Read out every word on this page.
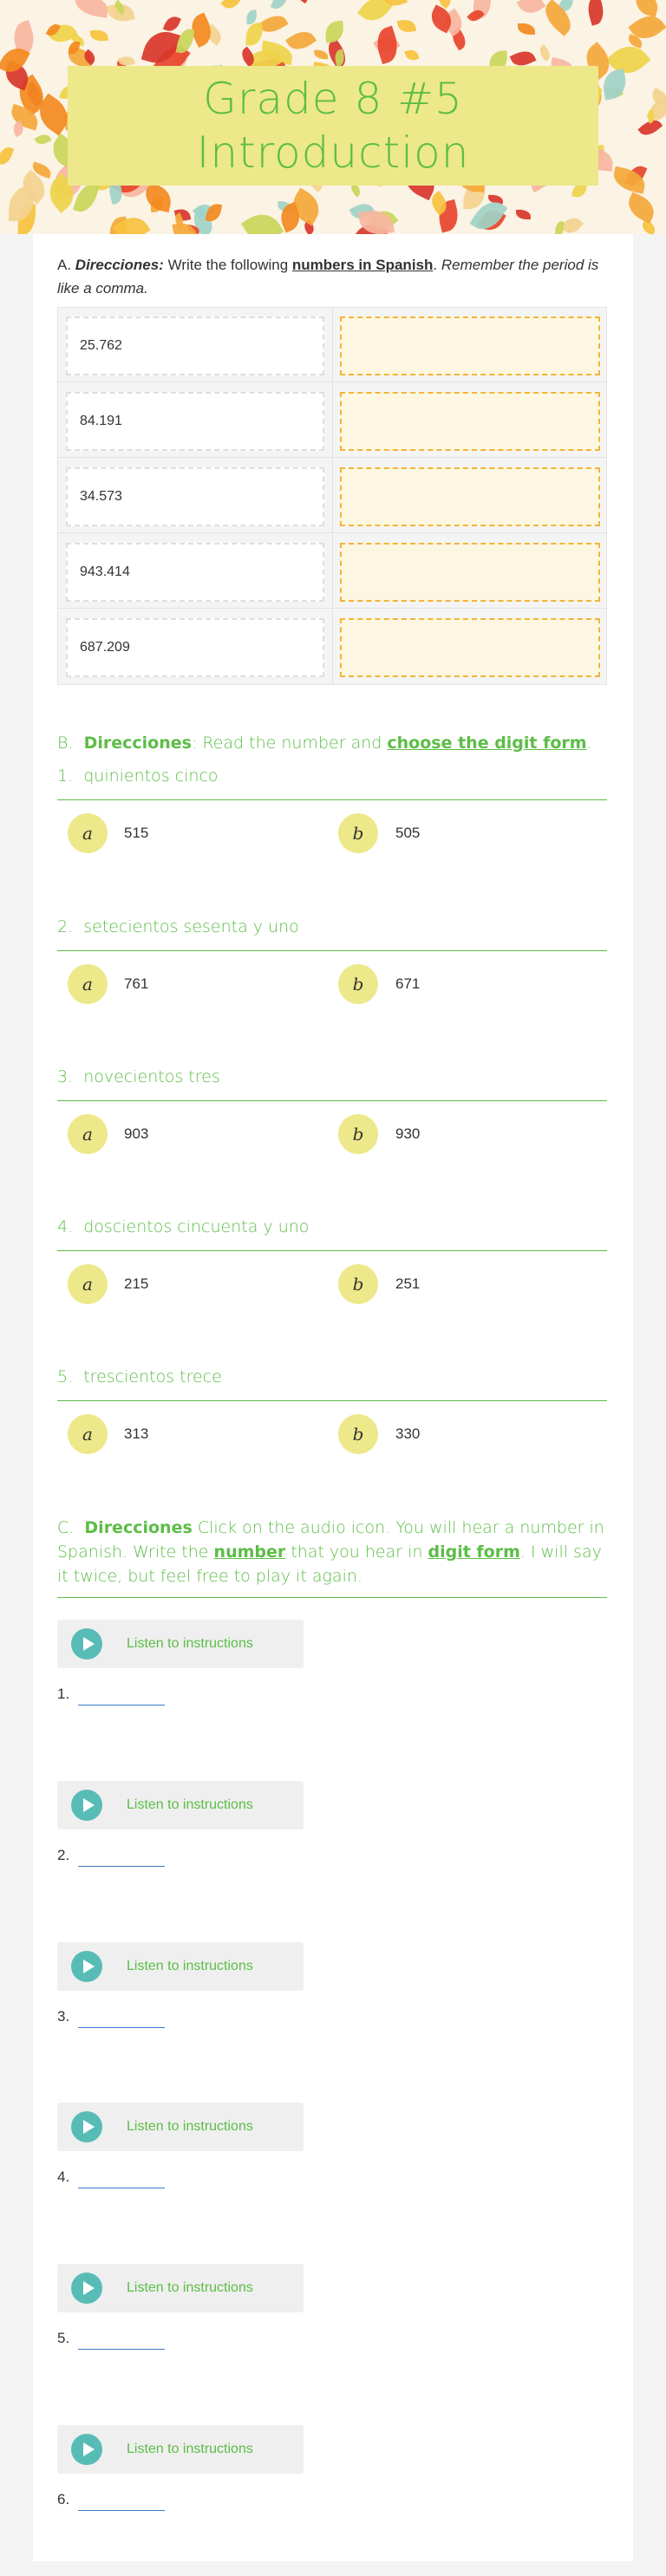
Grade 8 #5
Introduction
A. Direcciones: Write the following numbers in Spanish. Remember the period is like a comma.
25.762
84.191
34.573
943.414
687.209
B. Direcciones: Read the number and choose the digit form.
1. quinientos cinco
a	515	b	505
2. setecientos sesenta y uno
a	761	b	671
3. novecientos tres
a	903	b	930
4. doscientos cincuenta y uno
a	215	b	251
5. trescientos trece
a	313	b	330
C. Direcciones Click on the audio icon. You will hear a number in Spanish. Write the number that you hear in digit form. I will say it twice, but feel free to play it again.
Listen to instructions
1.
Listen to instructions
2.
Listen to instructions
3.
Listen to instructions
4.
Listen to instructions
5.
Listen to instructions
6.
